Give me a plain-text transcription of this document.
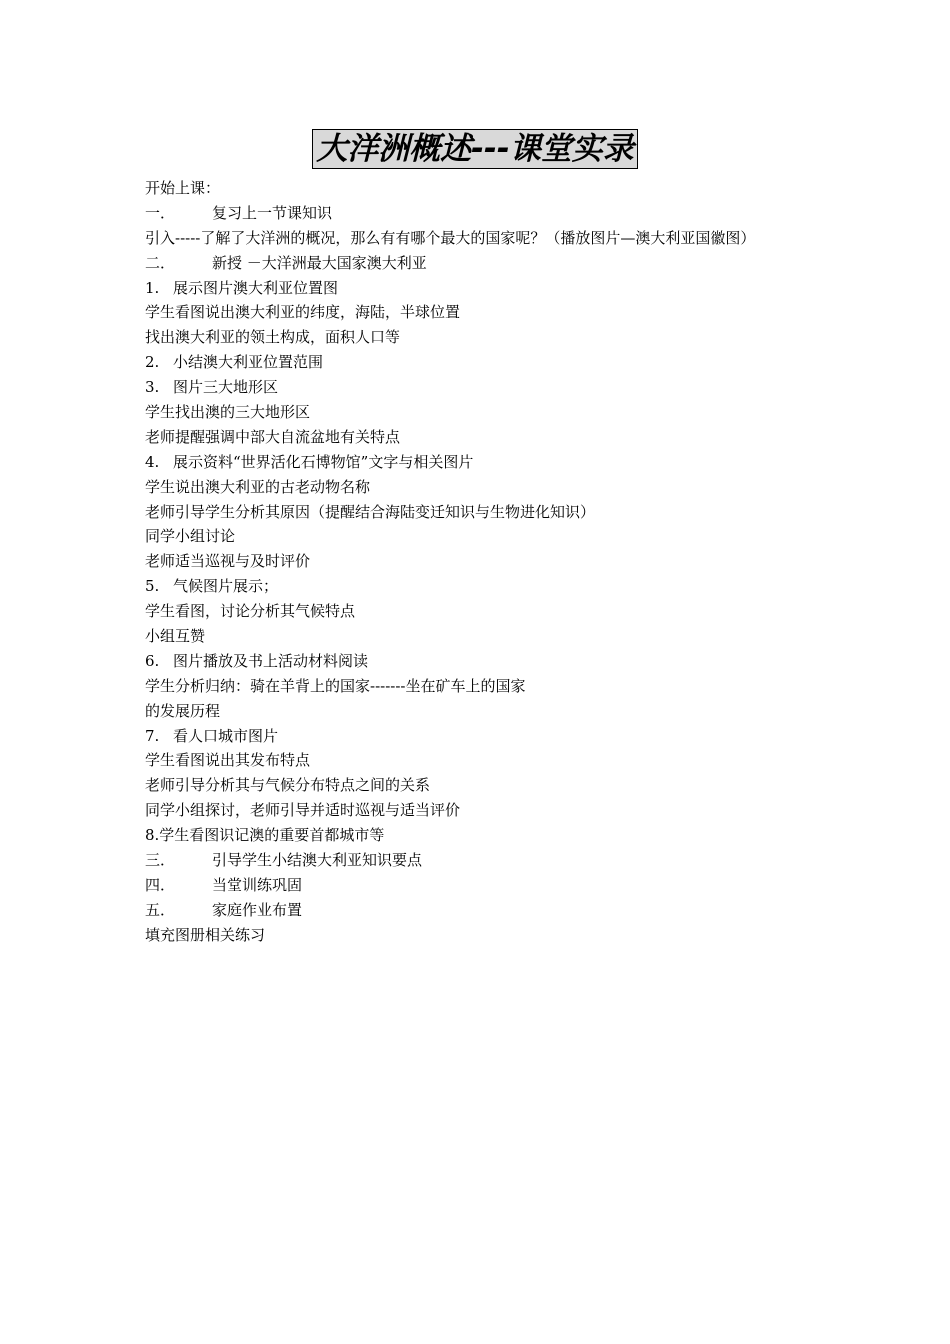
大洋洲概述---课堂实录
开始上课：
一． 复习上一节课知识
引入-----了解了大洋洲的概况，那么有有哪个最大的国家呢？（播放图片—澳大利亚国徽图）
二． 新授 －大洋洲最大国家澳大利亚
1. 展示图片澳大利亚位置图
学生看图说出澳大利亚的纬度，海陆，半球位置
找出澳大利亚的领土构成，面积人口等
2. 小结澳大利亚位置范围
3. 图片三大地形区
学生找出澳的三大地形区
老师提醒强调中部大自流盆地有关特点
4. 展示资料“世界活化石博物馆”文字与相关图片
学生说出澳大利亚的古老动物名称
老师引导学生分析其原因（提醒结合海陆变迁知识与生物进化知识）
同学小组讨论
老师适当巡视与及时评价
5. 气候图片展示；
学生看图，讨论分析其气候特点
小组互赞
6. 图片播放及书上活动材料阅读
学生分析归纳：骑在羊背上的国家-------坐在矿车上的国家
的发展历程
7. 看人口城市图片
学生看图说出其发布特点
老师引导分析其与气候分布特点之间的关系
同学小组探讨，老师引导并适时巡视与适当评价
8.学生看图识记澳的重要首都城市等
三． 引导学生小结澳大利亚知识要点
四． 当堂训练巩固
五． 家庭作业布置
填充图册相关练习
